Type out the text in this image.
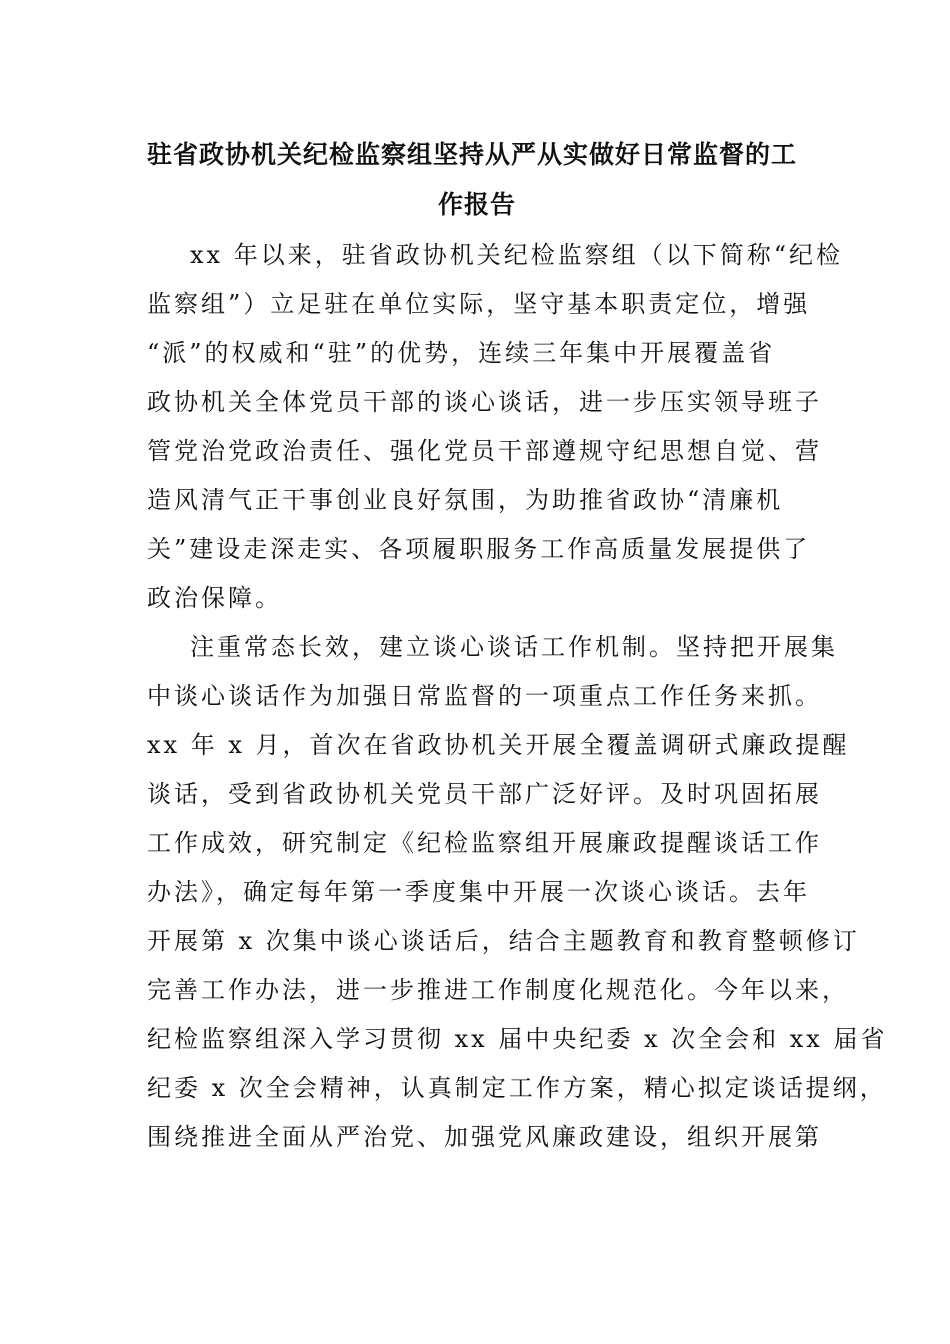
驻省政协机关纪检监察组坚持从严从实做好日常监督的工
作报告
xx 年以来，驻省政协机关纪检监察组（以下简称“纪检
监察组”）立足驻在单位实际，坚守基本职责定位，增强
“派”的权威和“驻”的优势，连续三年集中开展覆盖省
政协机关全体党员干部的谈心谈话，进一步压实领导班子
管党治党政治责任、强化党员干部遵规守纪思想自觉、营
造风清气正干事创业良好氛围，为助推省政协“清廉机
关”建设走深走实、各项履职服务工作高质量发展提供了
政治保障。
注重常态长效，建立谈心谈话工作机制。坚持把开展集
中谈心谈话作为加强日常监督的一项重点工作任务来抓。
xx 年 x 月，首次在省政协机关开展全覆盖调研式廉政提醒
谈话，受到省政协机关党员干部广泛好评。及时巩固拓展
工作成效，研究制定《纪检监察组开展廉政提醒谈话工作
办法》，确定每年第一季度集中开展一次谈心谈话。去年
开展第 x 次集中谈心谈话后，结合主题教育和教育整顿修订
完善工作办法，进一步推进工作制度化规范化。今年以来，
纪检监察组深入学习贯彻 xx 届中央纪委 x 次全会和 xx 届省
纪委 x 次全会精神，认真制定工作方案，精心拟定谈话提纲，
围绕推进全面从严治党、加强党风廉政建设，组织开展第
